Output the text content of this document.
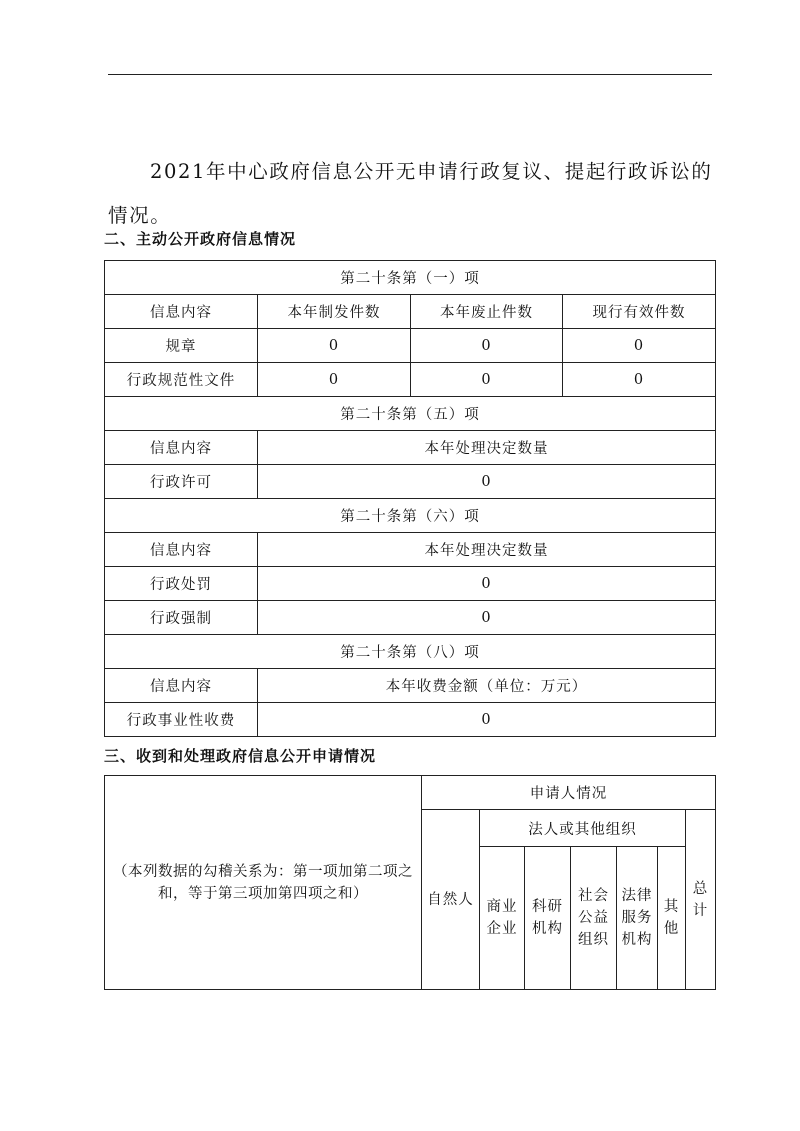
2021年中心政府信息公开无申请行政复议、提起行政诉讼的情况。

二、主动公开政府信息情况

第二十条第（一）项			
信息内容	本年制发件数	本年废止件数	现行有效件数
规章	0	0	0
行政规范性文件	0	0	0
第二十条第（五）项			
信息内容	本年处理决定数量		
行政许可	0		
第二十条第（六）项			
信息内容	本年处理决定数量		
行政处罚	0		
行政强制	0		
第二十条第（八）项			
信息内容	本年收费金额（单位：万元）		
行政事业性收费	0		

三、收到和处理政府信息公开申请情况

（本列数据的勾稽关系为：第一项加第二项之和，等于第三项加第四项之和）	申请人情况						
	自然人	法人或其他组织					总计
		商业企业	科研机构	社会公益组织	法律服务机构	其他	
